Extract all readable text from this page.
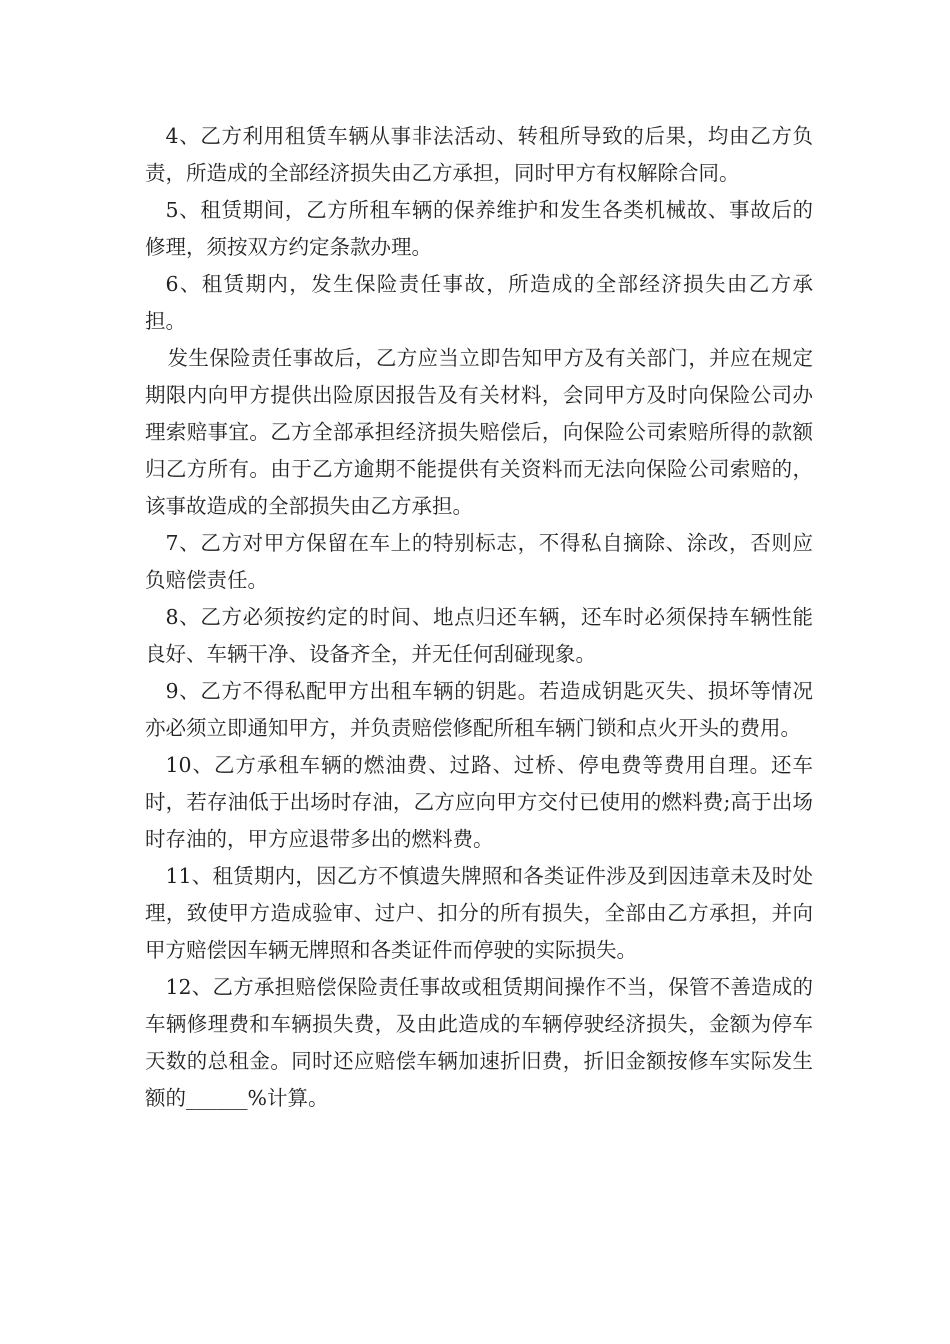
4、乙方利用租赁车辆从事非法活动、转租所导致的后果，均由乙方负责，所造成的全部经济损失由乙方承担，同时甲方有权解除合同。

5、租赁期间，乙方所租车辆的保养维护和发生各类机械故、事故后的修理，须按双方约定条款办理。

6、租赁期内，发生保险责任事故，所造成的全部经济损失由乙方承担。

发生保险责任事故后，乙方应当立即告知甲方及有关部门，并应在规定期限内向甲方提供出险原因报告及有关材料，会同甲方及时向保险公司办理索赔事宜。乙方全部承担经济损失赔偿后，向保险公司索赔所得的款额归乙方所有。由于乙方逾期不能提供有关资料而无法向保险公司索赔的，该事故造成的全部损失由乙方承担。

7、乙方对甲方保留在车上的特别标志，不得私自摘除、涂改，否则应负赔偿责任。

8、乙方必须按约定的时间、地点归还车辆，还车时必须保持车辆性能良好、车辆干净、设备齐全，并无任何刮碰现象。

9、乙方不得私配甲方出租车辆的钥匙。若造成钥匙灭失、损坏等情况亦必须立即通知甲方，并负责赔偿修配所租车辆门锁和点火开头的费用。

10、乙方承租车辆的燃油费、过路、过桥、停电费等费用自理。还车时，若存油低于出场时存油，乙方应向甲方交付已使用的燃料费;高于出场时存油的，甲方应退带多出的燃料费。

11、租赁期内，因乙方不慎遗失牌照和各类证件涉及到因违章未及时处理，致使甲方造成验审、过户、扣分的所有损失，全部由乙方承担，并向甲方赔偿因车辆无牌照和各类证件而停驶的实际损失。

12、乙方承担赔偿保险责任事故或租赁期间操作不当，保管不善造成的车辆修理费和车辆损失费，及由此造成的车辆停驶经济损失，金额为停车天数的总租金。同时还应赔偿车辆加速折旧费，折旧金额按修车实际发生额的______%计算。
